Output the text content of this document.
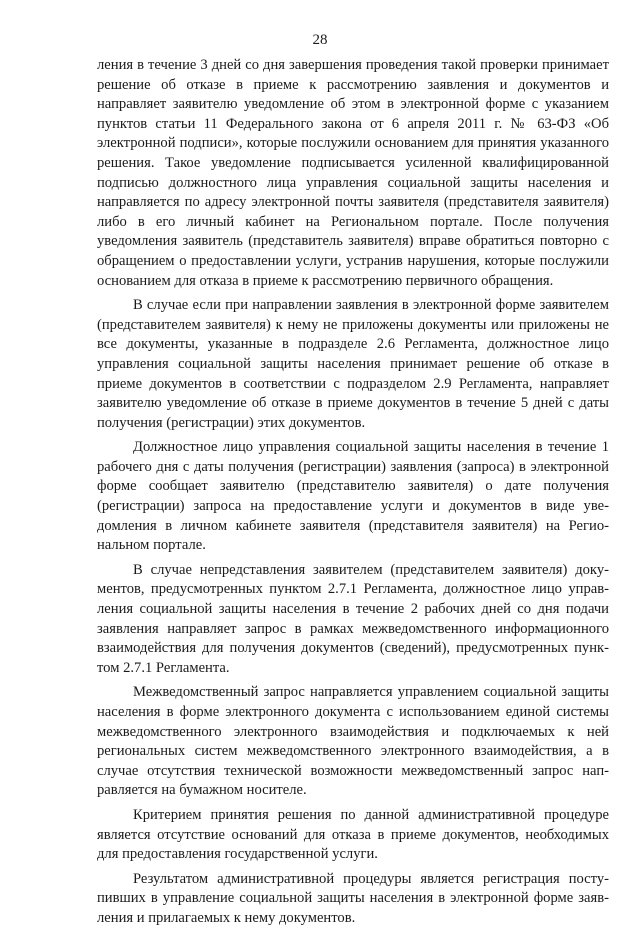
28

ления в течение 3 дней со дня завершения проведения такой проверки принимает решение об отказе в приеме к рассмотрению заявления и документов и направляет заявителю уведомление об этом в электронной форме с указанием пунктов статьи 11 Федерального закона от 6 апреля 2011 г. № 63-ФЗ «Об электронной подписи», которые послужили основанием для принятия указанного решения. Такое уведомление подписывается усиленной квалифицированной подписью должностного лица управления социальной защиты населения и направляется по адресу электронной почты заявителя (представителя заявителя) либо в его личный кабинет на Региональном портале. После получения уведомления заявитель (представитель заявителя) вправе обратиться повторно с обращением о предоставлении услуги, устранив нарушения, которые послужили основанием для отказа в приеме к рассмотрению первичного обращения.

В случае если при направлении заявления в электронной форме заявителем (представителем заявителя) к нему не приложены документы или приложены не все документы, указанные в подразделе 2.6 Регламента, должностное лицо управления социальной защиты населения принимает решение об отказе в приеме документов в соответствии с подразделом 2.9 Регламента, направляет заявителю уведомление об отказе в приеме документов в течение 5 дней с даты получения (регистрации) этих документов.

Должностное лицо управления социальной защиты населения в течение 1 рабочего дня с даты получения (регистрации) заявления (запроса) в электронной форме сообщает заявителю (представителю заявителя) о дате получения (регистрации) запроса на предоставление услуги и документов в виде уведомления в личном кабинете заявителя (представителя заявителя) на Региональном портале.

В случае непредставления заявителем (представителем заявителя) документов, предусмотренных пунктом 2.7.1 Регламента, должностное лицо управления социальной защиты населения в течение 2 рабочих дней со дня подачи заявления направляет запрос в рамках межведомственного информационного взаимодействия для получения документов (сведений), предусмотренных пунктом 2.7.1 Регламента.

Межведомственный запрос направляется управлением социальной защиты населения в форме электронного документа с использованием единой системы межведомственного электронного взаимодействия и подключаемых к ней региональных систем межведомственного электронного взаимодействия, а в случае отсутствия технической возможности межведомственный запрос направляется на бумажном носителе.

Критерием принятия решения по данной административной процедуре является отсутствие оснований для отказа в приеме документов, необходимых для предоставления государственной услуги.

Результатом административной процедуры является регистрация поступивших в управление социальной защиты населения в электронной форме заявления и прилагаемых к нему документов.
